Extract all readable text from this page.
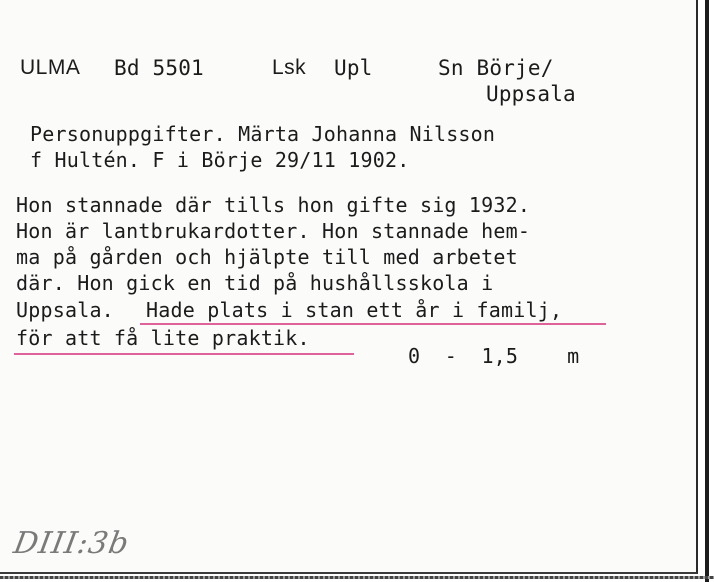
ULMA Bd 5501	Lsk Upl	Sn Börje/
Uppsala
Personuppgifter. Märta Johanna Nilsson
f Hultén. F i Börje 29/11 1902.
Hon stannade där tills hon gifte sig 1932.
Hon är lantbrukardotter. Hon stannade hem-
ma på gården och hjälpte till med arbetet
där. Hon gick en tid på hushållsskola i
Uppsala. Hade plats i stan ett år i familj,
för att få lite praktik.
0  -  1,5    m
DIII:3b
